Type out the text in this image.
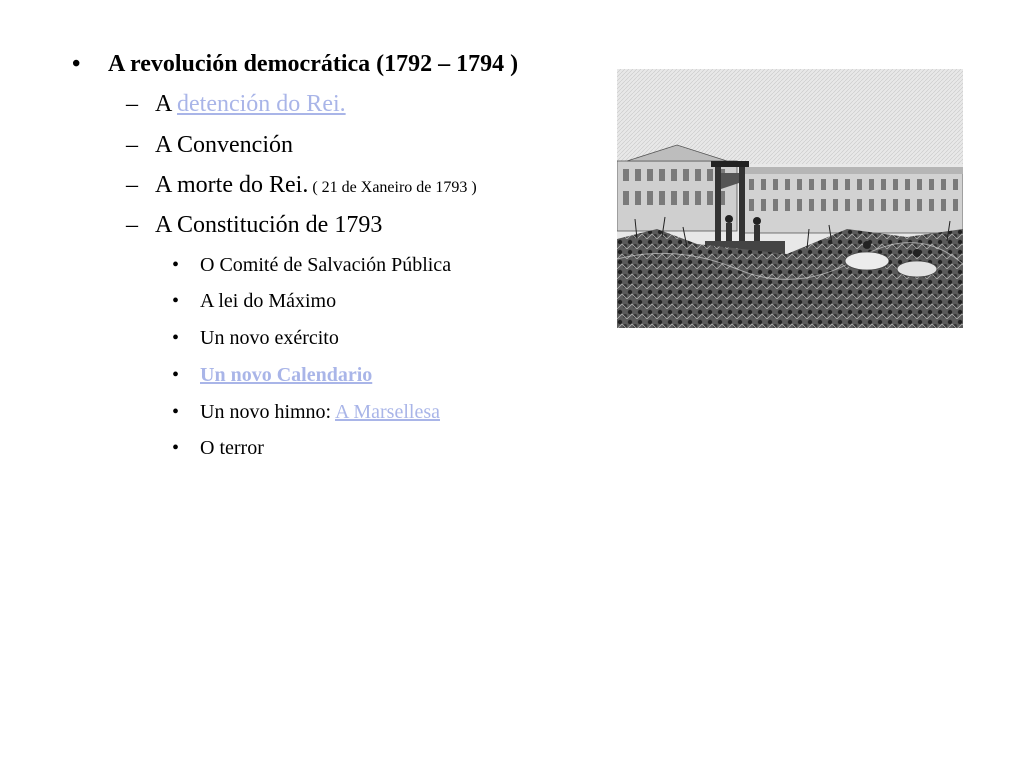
• A revolución democrática (1792 – 1794 )
– A detención do Rei.
– A Convención
– A morte do Rei. ( 21 de Xaneiro de 1793 )
– A Constitución de 1793
• O Comité de Salvación Pública
• A lei do Máximo
• Un novo exército
• Un novo Calendario
• Un novo himno: A Marsellesa
• O terror
